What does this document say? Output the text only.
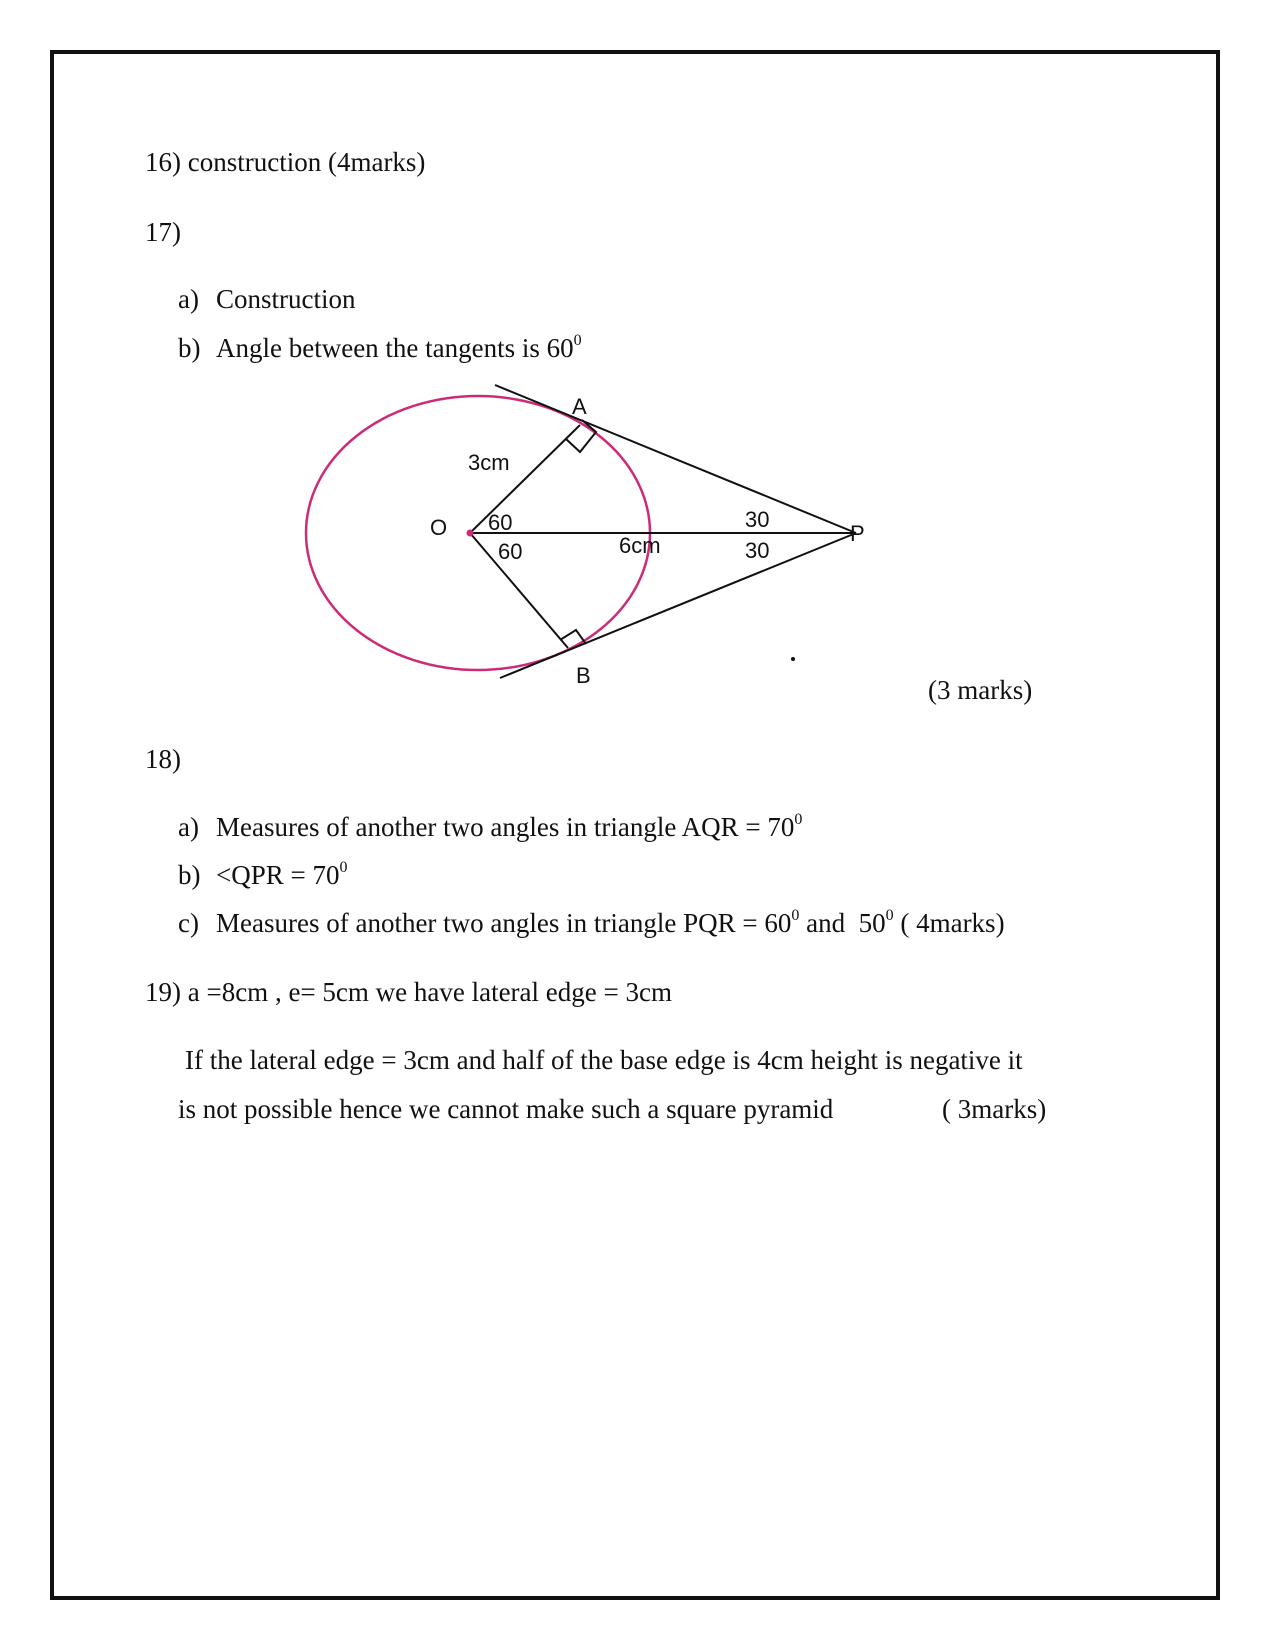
16) construction (4marks)
17)
a) Construction
b) Angle between the tangents is $60^0$
A
B
O	P
3cm
6cm
60
60
30
30
(3 marks)
18)
a) Measures of another two angles in triangle AQR = $70^0$
$b) <QPR = 70^0$
c) Measures of another two angles in triangle PQR = $60^0$ and  $50^0$ ( 4marks)
19) a =8cm , e= 5cm we have lateral edge = 3cm
If the lateral edge = 3cm and half of the base edge is 4cm height is negative it
is not possible hence we cannot make such a square pyramid	( 3marks)
